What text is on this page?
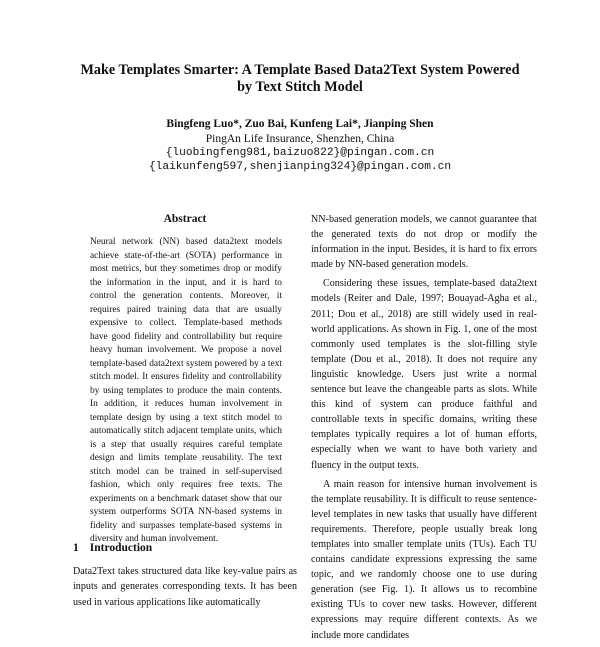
Make Templates Smarter: A Template Based Data2Text System Powered
by Text Stitch Model
Bingfeng Luo*, Zuo Bai, Kunfeng Lai*, Jianping Shen
PingAn Life Insurance, Shenzhen, China
{luobingfeng981,baizuo822}@pingan.com.cn
{laikunfeng597,shenjianping324}@pingan.com.cn
Abstract
Neural network (NN) based data2text models achieve state-of-the-art (SOTA) performance in most metrics, but they sometimes drop or modify the information in the input, and it is hard to control the generation contents. Moreover, it requires paired training data that are usually expensive to collect. Template-based methods have good fidelity and controllability but require heavy human involvement. We propose a novel template-based data2text system powered by a text stitch model. It ensures fidelity and controllability by using templates to produce the main contents. In addition, it reduces human involvement in template design by using a text stitch model to automatically stitch adjacent template units, which is a step that usually requires careful template design and limits template reusability. The text stitch model can be trained in self-supervised fashion, which only requires free texts. The experiments on a benchmark dataset show that our system outperforms SOTA NN-based systems in fidelity and surpasses template-based systems in diversity and human involvement.
1 Introduction
Data2Text takes structured data like key-value pairs as inputs and generates corresponding texts. It has been used in various applications like automatically

NN-based generation models, we cannot guarantee that the generated texts do not drop or modify the information in the input. Besides, it is hard to fix errors made by NN-based generation models.

Considering these issues, template-based data2text models (Reiter and Dale, 1997; Bouayad-Agha et al., 2011; Dou et al., 2018) are still widely used in real-world applications. As shown in Fig. 1, one of the most commonly used templates is the slot-filling style template (Dou et al., 2018). It does not require any linguistic knowledge. Users just write a normal sentence but leave the changeable parts as slots. While this kind of system can produce faithful and controllable texts in specific domains, writing these templates typically requires a lot of human efforts, especially when we want to have both variety and fluency in the output texts.

A main reason for intensive human involvement is the template reusability. It is difficult to reuse sentence-level templates in new tasks that usually have different requirements. Therefore, people usually break long templates into smaller template units (TUs). Each TU contains candidate expressions expressing the same topic, and we randomly choose one to use during generation (see Fig. 1). It allows us to recombine existing TUs to cover new tasks. However, different expressions may require different contexts. As we include more candidates
